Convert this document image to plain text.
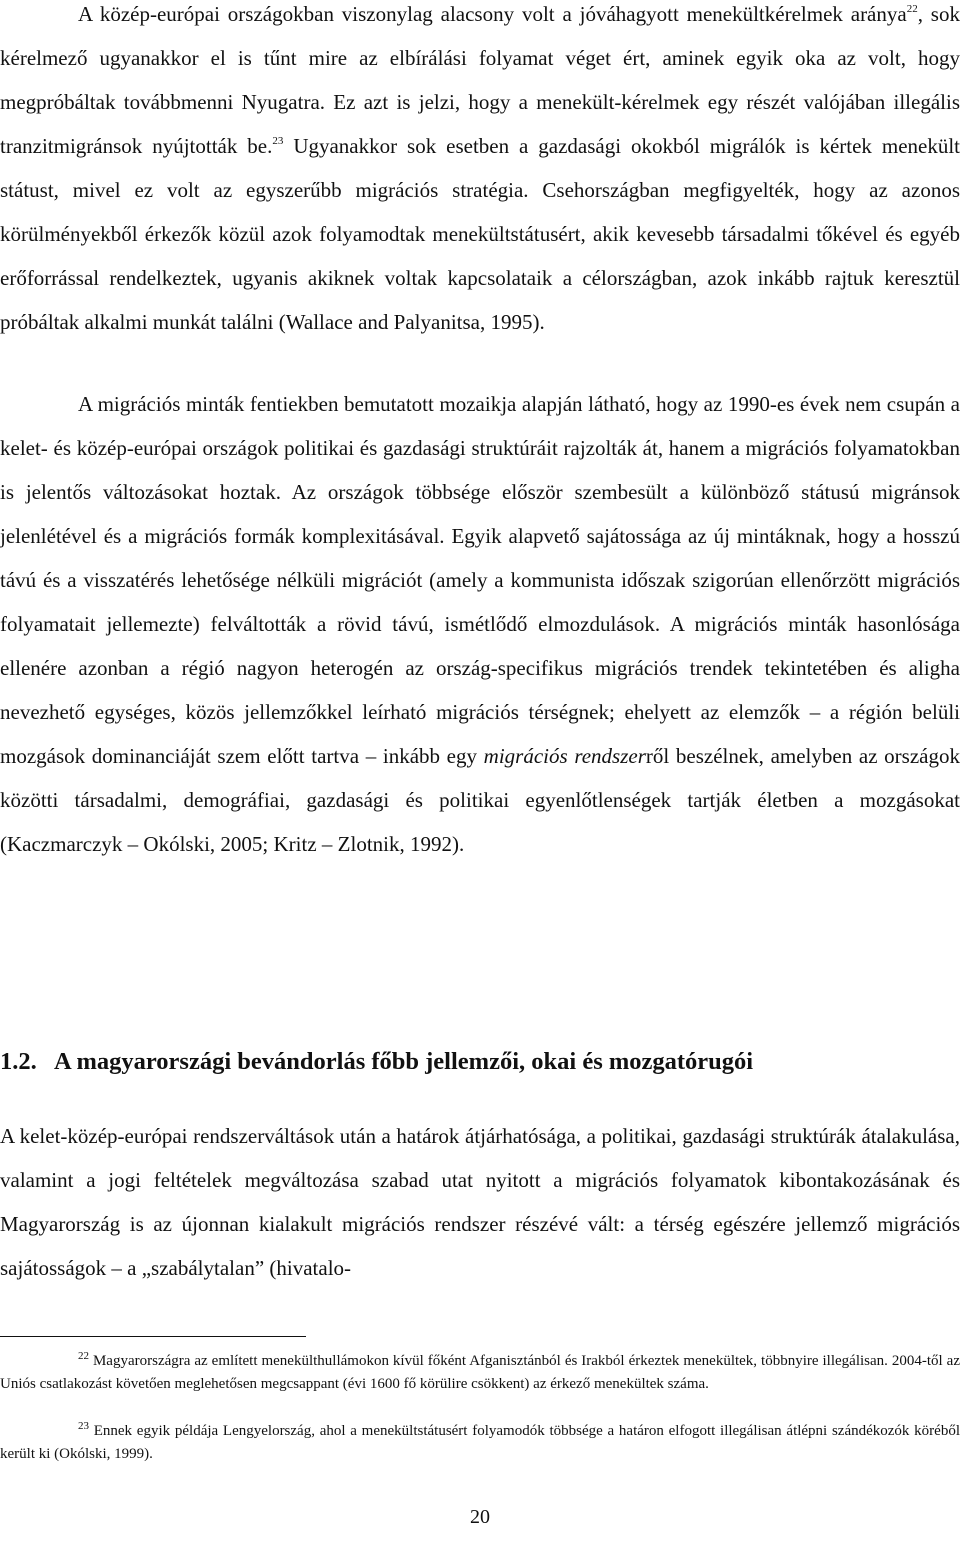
A közép-európai országokban viszonylag alacsony volt a jóváhagyott menekültkérelmek aránya$^{22}$, sok kérelmező ugyanakkor el is tűnt mire az elbírálási folyamat véget ért, aminek egyik oka az volt, hogy megpróbáltak továbbmenni Nyugatra. Ez azt is jelzi, hogy a menekült-kérelmek egy részét valójában illegális tranzitmigránsok nyújtották be.$^{23}$ Ugyanakkor sok esetben a gazdasági okokból migrálók is kértek menekült státust, mivel ez volt az egyszerűbb migrációs stratégia. Csehországban megfigyelték, hogy az azonos körülményekből érkezők közül azok folyamodtak menekültstátusért, akik kevesebb társadalmi tőkével és egyéb erőforrással rendelkeztek, ugyanis akiknek voltak kapcsolataik a célországban, azok inkább rajtuk keresztül próbáltak alkalmi munkát találni (Wallace and Palyanitsa, 1995).

A migrációs minták fentiekben bemutatott mozaikja alapján látható, hogy az 1990-es évek nem csupán a kelet- és közép-európai országok politikai és gazdasági struktúráit rajzolták át, hanem a migrációs folyamatokban is jelentős változásokat hoztak. Az országok többsége először szembesült a különböző státusú migránsok jelenlétével és a migrációs formák komplexitásával. Egyik alapvető sajátossága az új mintáknak, hogy a hosszú távú és a visszatérés lehetősége nélküli migrációt (amely a kommunista időszak szigorúan ellenőrzött migrációs folyamatait jellemezte) felváltották a rövid távú, ismétlődő elmozdulások. A migrációs minták hasonlósága ellenére azonban a régió nagyon heterogén az ország-specifikus migrációs trendek tekintetében és aligha nevezhető egységes, közös jellemzőkkel leírható migrációs térségnek; ehelyett az elemzők – a régión belüli mozgások dominanciáját szem előtt tartva – inkább egy migrációs rendszerről beszélnek, amelyben az országok közötti társadalmi, demográfiai, gazdasági és politikai egyenlőtlenségek tartják életben a mozgásokat (Kaczmarczyk – Okólski, 2005; Kritz – Zlotnik, 1992).

1.2. A magyarországi bevándorlás főbb jellemzői, okai és mozgatórugói

A kelet-közép-európai rendszerváltások után a határok átjárhatósága, a politikai, gazdasági struktúrák átalakulása, valamint a jogi feltételek megváltozása szabad utat nyitott a migrációs folyamatok kibontakozásának és Magyarország is az újonnan kialakult migrációs rendszer részévé vált: a térség egészére jellemző migrációs sajátosságok – a „szabálytalan” (hivatalo-

$^{22}$ Magyarországra az említett menekülthullámokon kívül főként Afganisztánból és Irakból érkeztek menekültek, többnyire illegálisan. 2004-től az Uniós csatlakozást követően meglehetősen megcsappant (évi 1600 fő körülire csökkent) az érkező menekültek száma.

$^{23}$ Ennek egyik példája Lengyelország, ahol a menekültstátusért folyamodók többsége a határon elfogott illegálisan átlépni szándékozók köréből került ki (Okólski, 1999).

20
